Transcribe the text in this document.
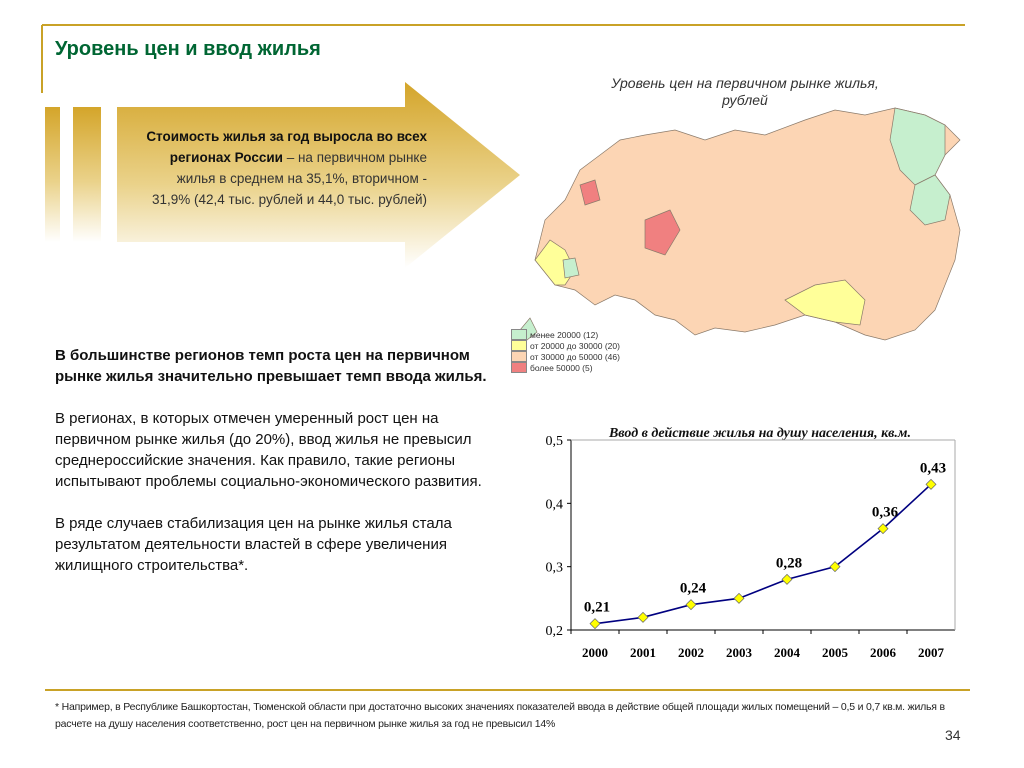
Уровень цен и ввод жилья
Стоимость жилья за год выросла во всех регионах России – на первичном рынке жилья в среднем на 35,1%, вторичном - 31,9% (42,4 тыс. рублей и 44,0 тыс. рублей)
Уровень цен на первичном рынке жилья, рублей
менее 20000 (12)
от 20000 до 30000 (20)
от 30000 до 50000 (46)
более 50000 (5)

В большинстве регионов темп роста цен на первичном рынке жилья значительно превышает темп ввода жилья.

В регионах, в которых отмечен умеренный рост цен на первичном рынке жилья (до 20%), ввод жилья не превысил среднероссийские значения. Как правило, такие регионы испытывают проблемы социально-экономического развития.

В ряде случаев стабилизация цен на рынке жилья стала результатом деятельности властей в сфере увеличения жилищного строительства*.

Ввод в действие жилья на душу населения, кв.м.
0,2
0,3
0,4
0,5
2000 2001 2002 2003 2004 2005 2006 2007
0,21
0,24
0,28
0,36
0,43
* Например, в Республике Башкортостан, Тюменской области при достаточно высоких значениях показателей ввода в действие общей площади жилых помещений – 0,5 и 0,7 кв.м. жилья в расчете на душу населения соответственно, рост цен на первичном рынке жилья за год не превысил 14%
34
